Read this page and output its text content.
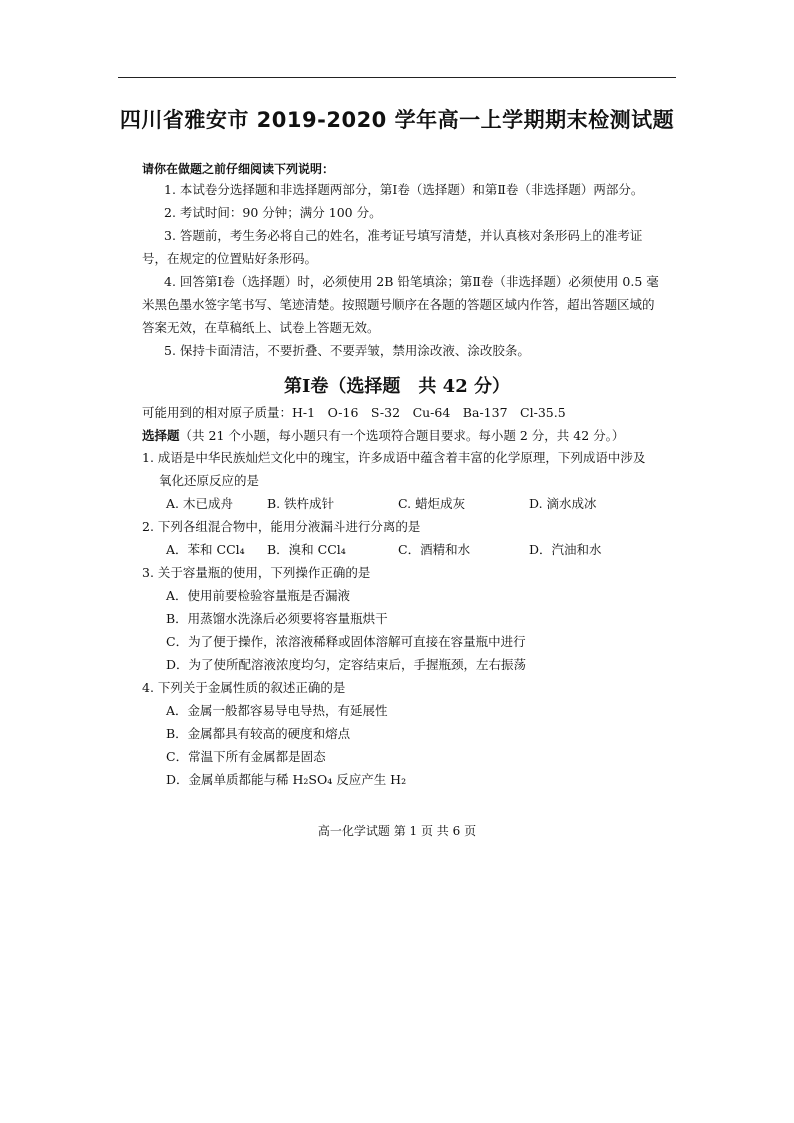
四川省雅安市 2019-2020 学年高一上学期期末检测试题
请你在做题之前仔细阅读下列说明：
1. 本试卷分选择题和非选择题两部分，第Ⅰ卷（选择题）和第Ⅱ卷（非选择题）两部分。
2. 考试时间：90 分钟；满分 100 分。
3. 答题前，考生务必将自己的姓名，准考证号填写清楚，并认真核对条形码上的准考证号，在规定的位置贴好条形码。
4. 回答第Ⅰ卷（选择题）时，必须使用 2B 铅笔填涂；第Ⅱ卷（非选择题）必须使用 0.5 毫米黑色墨水签字笔书写、笔迹清楚。按照题号顺序在各题的答题区域内作答，超出答题区域的答案无效，在草稿纸上、试卷上答题无效。
5. 保持卡面清洁，不要折叠、不要弄皱，禁用涂改液、涂改胶条。
第Ⅰ卷（选择题　共 42 分）
可能用到的相对原子质量：H-1　O-16　S-32　Cu-64　Ba-137　Cl-35.5
选择题（共 21 个小题，每小题只有一个选项符合题目要求。每小题 2 分，共 42 分。）
1. 成语是中华民族灿烂文化中的瑰宝，许多成语中蕴含着丰富的化学原理，下列成语中涉及
氧化还原反应的是
A. 木已成舟	B. 铁杵成针	C. 蜡炬成灰	D. 滴水成冰
2. 下列各组混合物中，能用分液漏斗进行分离的是
A．苯和 CCl₄	B．溴和 CCl₄	C．酒精和水	D．汽油和水
3. 关于容量瓶的使用，下列操作正确的是
A．使用前要检验容量瓶是否漏液
B．用蒸馏水洗涤后必须要将容量瓶烘干
C．为了便于操作，浓溶液稀释或固体溶解可直接在容量瓶中进行
D．为了使所配溶液浓度均匀，定容结束后，手握瓶颈，左右振荡
4. 下列关于金属性质的叙述正确的是
A．金属一般都容易导电导热，有延展性
B．金属都具有较高的硬度和熔点
C．常温下所有金属都是固态
D．金属单质都能与稀 H₂SO₄ 反应产生 H₂
高一化学试题 第 1 页 共 6 页
